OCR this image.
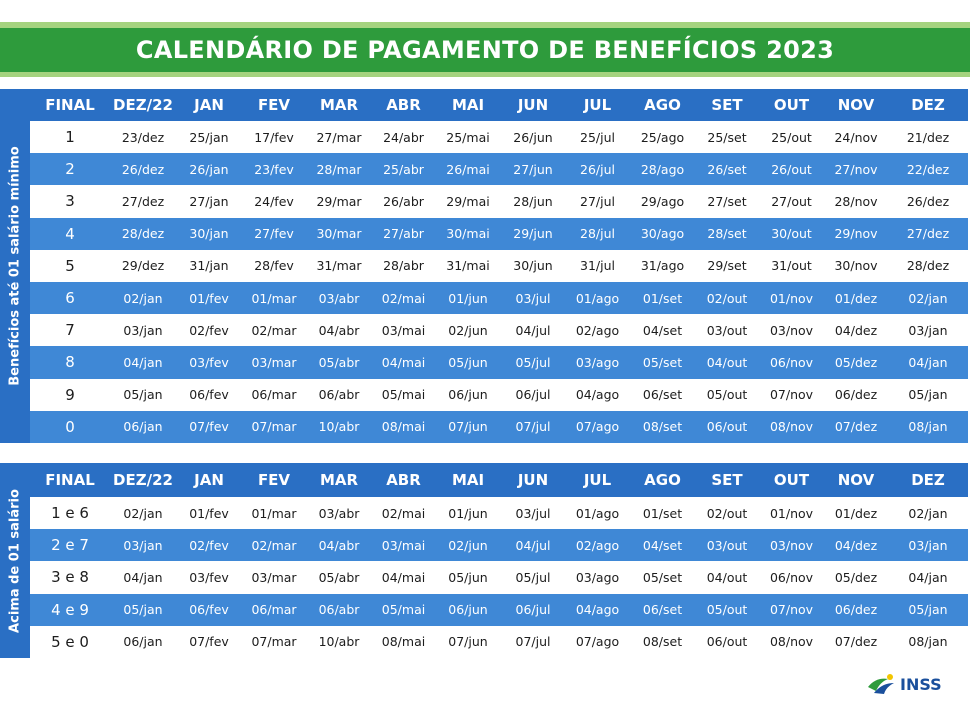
CALENDÁRIO DE PAGAMENTO DE BENEFÍCIOS 2023
Benefícios até 01 salário mínimo
FINAL	DEZ/22	JAN	FEV	MAR	ABR	MAI	JUN	JUL	AGO	SET	OUT	NOV	DEZ
1	23/dez	25/jan	17/fev	27/mar	24/abr	25/mai	26/jun	25/jul	25/ago	25/set	25/out	24/nov	21/dez
2	26/dez	26/jan	23/fev	28/mar	25/abr	26/mai	27/jun	26/jul	28/ago	26/set	26/out	27/nov	22/dez
3	27/dez	27/jan	24/fev	29/mar	26/abr	29/mai	28/jun	27/jul	29/ago	27/set	27/out	28/nov	26/dez
4	28/dez	30/jan	27/fev	30/mar	27/abr	30/mai	29/jun	28/jul	30/ago	28/set	30/out	29/nov	27/dez
5	29/dez	31/jan	28/fev	31/mar	28/abr	31/mai	30/jun	31/jul	31/ago	29/set	31/out	30/nov	28/dez
6	02/jan	01/fev	01/mar	03/abr	02/mai	01/jun	03/jul	01/ago	01/set	02/out	01/nov	01/dez	02/jan
7	03/jan	02/fev	02/mar	04/abr	03/mai	02/jun	04/jul	02/ago	04/set	03/out	03/nov	04/dez	03/jan
8	04/jan	03/fev	03/mar	05/abr	04/mai	05/jun	05/jul	03/ago	05/set	04/out	06/nov	05/dez	04/jan
9	05/jan	06/fev	06/mar	06/abr	05/mai	06/jun	06/jul	04/ago	06/set	05/out	07/nov	06/dez	05/jan
0	06/jan	07/fev	07/mar	10/abr	08/mai	07/jun	07/jul	07/ago	08/set	06/out	08/nov	07/dez	08/jan
Acima de 01 salário
FINAL	DEZ/22	JAN	FEV	MAR	ABR	MAI	JUN	JUL	AGO	SET	OUT	NOV	DEZ
1 e 6	02/jan	01/fev	01/mar	03/abr	02/mai	01/jun	03/jul	01/ago	01/set	02/out	01/nov	01/dez	02/jan
2 e 7	03/jan	02/fev	02/mar	04/abr	03/mai	02/jun	04/jul	02/ago	04/set	03/out	03/nov	04/dez	03/jan
3 e 8	04/jan	03/fev	03/mar	05/abr	04/mai	05/jun	05/jul	03/ago	05/set	04/out	06/nov	05/dez	04/jan
4 e 9	05/jan	06/fev	06/mar	06/abr	05/mai	06/jun	06/jul	04/ago	06/set	05/out	07/nov	06/dez	05/jan
5 e 0	06/jan	07/fev	07/mar	10/abr	08/mai	07/jun	07/jul	07/ago	08/set	06/out	08/nov	07/dez	08/jan
INSS
